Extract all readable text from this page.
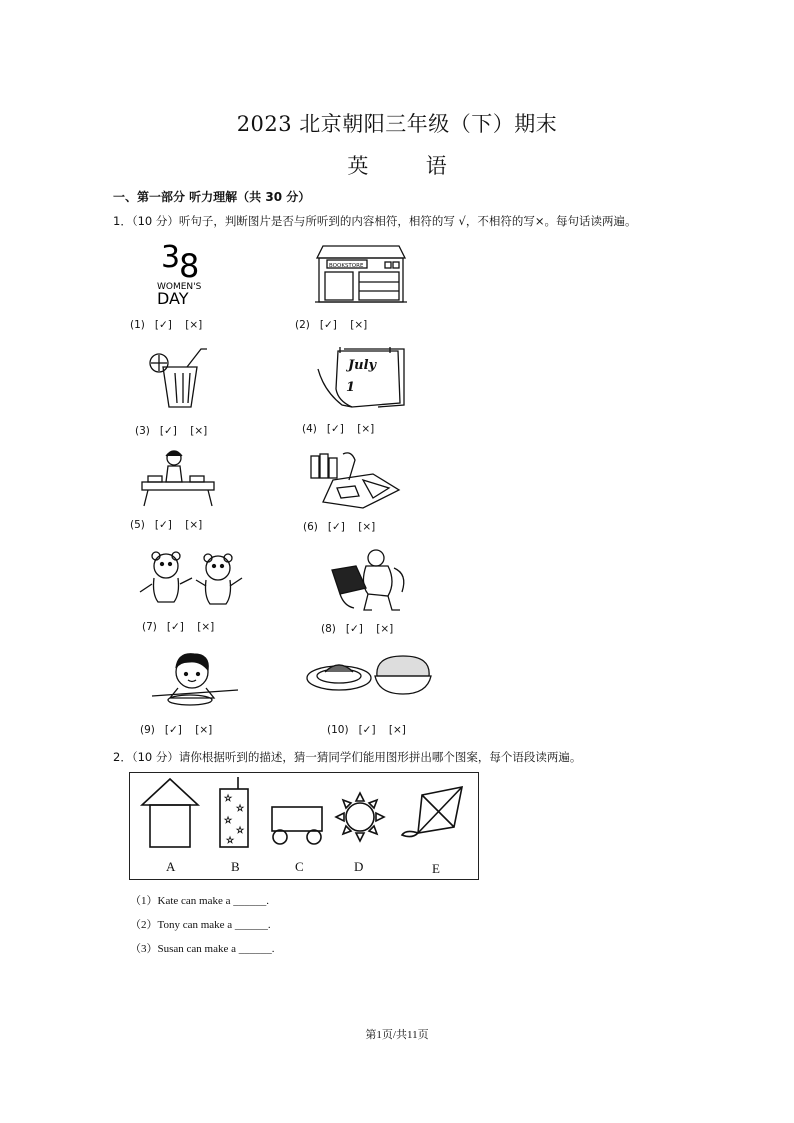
2023 北京朝阳三年级（下）期末
英	语
一、第一部分 听力理解（共 30 分）
1．（10 分）听句子，判断图片是否与所听到的内容相符，相符的写 √，不相符的写×。每句话读两遍。
3
8
WOMEN'S
DAY
BOOKSTORE
(1) [✓]    [×]	(2) [✓]    [×]
July
1
(3) [✓]    [×]	(4) [✓]    [×]
(5) [✓]    [×]	(6) [✓]    [×]
(7) [✓]    [×]	(8) [✓]    [×]
(9) [✓]    [×]	(10) [✓]    [×]
2．（10 分）请你根据听到的描述，猜一猜同学们能用图形拼出哪个图案，每个语段读两遍。
☆
☆
☆
☆
☆
A	B	C	D	E
（1）Kate can make a ______.
（2）Tony can make a ______.
（3）Susan can make a ______.
第1页/共11页
